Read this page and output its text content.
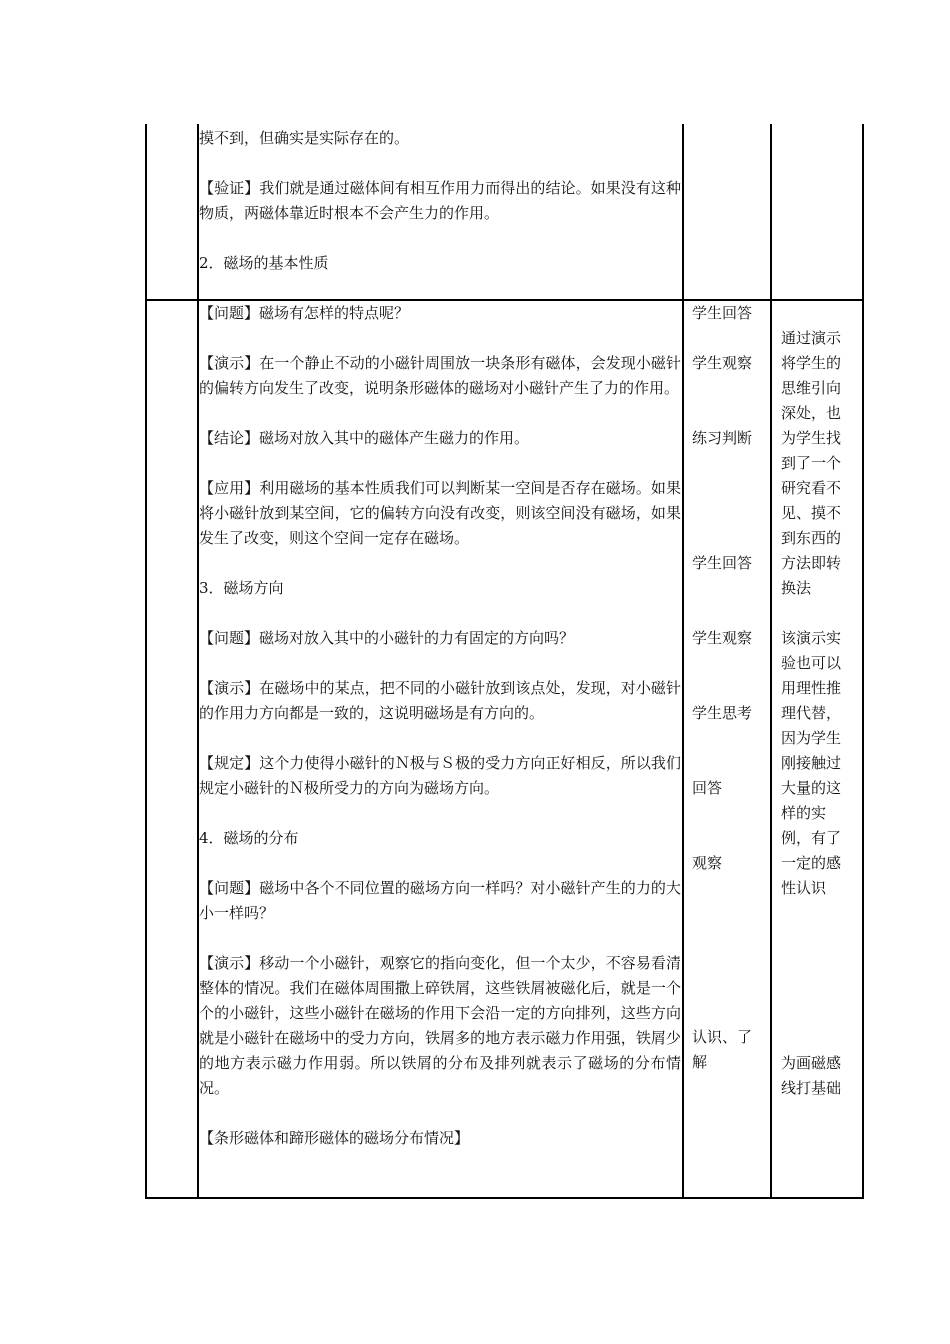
摸不到，但确实是实际存在的。

【验证】我们就是通过磁体间有相互作用力而得出的结论。如果没有这种物质，两磁体靠近时根本不会产生力的作用。

2．磁场的基本性质

【问题】磁场有怎样的特点呢？

【演示】在一个静止不动的小磁针周围放一块条形有磁体，会发现小磁针的偏转方向发生了改变，说明条形磁体的磁场对小磁针产生了力的作用。

【结论】磁场对放入其中的磁体产生磁力的作用。

【应用】利用磁场的基本性质我们可以判断某一空间是否存在磁场。如果将小磁针放到某空间，它的偏转方向没有改变，则该空间没有磁场，如果发生了改变，则这个空间一定存在磁场。

3．磁场方向

【问题】磁场对放入其中的小磁针的力有固定的方向吗？

【演示】在磁场中的某点，把不同的小磁针放到该点处，发现，对小磁针的作用力方向都是一致的，这说明磁场是有方向的。

【规定】这个力使得小磁针的Ｎ极与Ｓ极的受力方向正好相反，所以我们规定小磁针的Ｎ极所受力的方向为磁场方向。

4．磁场的分布

【问题】磁场中各个不同位置的磁场方向一样吗？对小磁针产生的力的大小一样吗？

【演示】移动一个小磁针，观察它的指向变化，但一个太少，不容易看清整体的情况。我们在磁体周围撒上碎铁屑，这些铁屑被磁化后，就是一个个的小磁针，这些小磁针在磁场的作用下会沿一定的方向排列，这些方向就是小磁针在磁场中的受力方向，铁屑多的地方表示磁力作用强，铁屑少的地方表示磁力作用弱。所以铁屑的分布及排列就表示了磁场的分布情况。

【条形磁体和蹄形磁体的磁场分布情况】

学生回答
学生观察
练习判断
学生回答
学生观察
学生思考
回答
观察
认识、了
解

通过演示将学生的思维引向深处，也为学生找到了一个研究看不见、摸不到东西的方法即转换法

该演示实验也可以用理性推理代替，因为学生刚接触过大量的这样的实例，有了一定的感性认识

为画磁感线打基础
